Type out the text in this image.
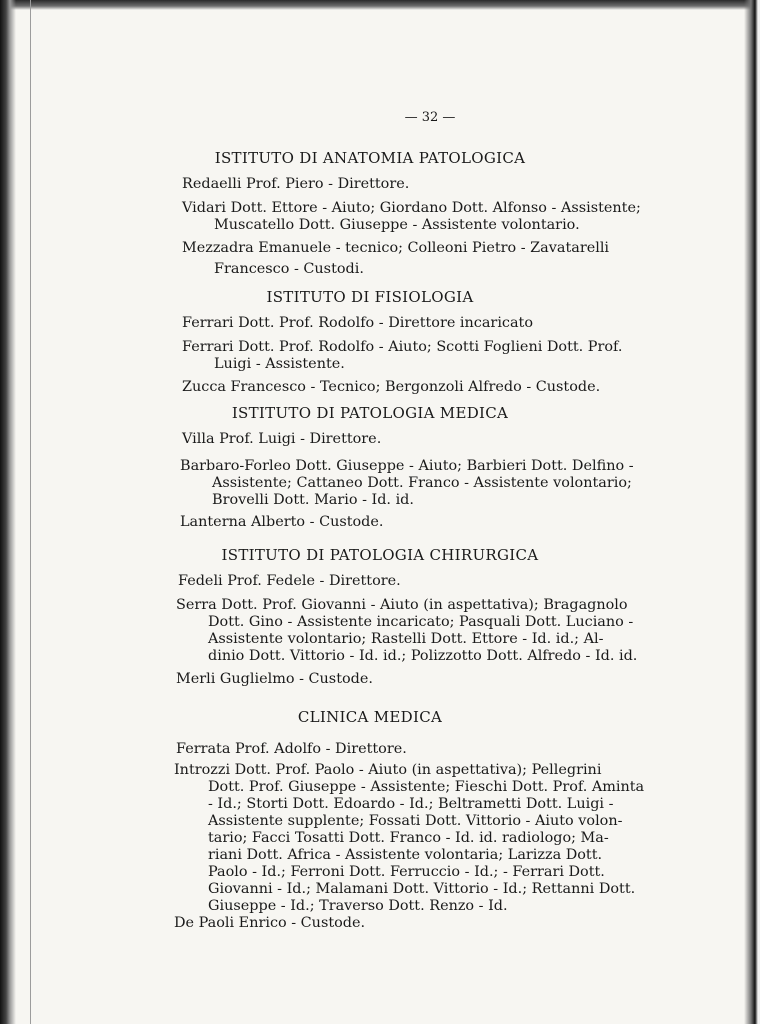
— 32 —
ISTITUTO DI ANATOMIA PATOLOGICA
Redaelli Prof. Piero - Direttore.
Vidari Dott. Ettore - Aiuto; Giordano Dott. Alfonso - Assistente;
Muscatello Dott. Giuseppe - Assistente volontario.
Mezzadra Emanuele - tecnico; Colleoni Pietro - Zavatarelli
Francesco - Custodi.
ISTITUTO DI FISIOLOGIA
Ferrari Dott. Prof. Rodolfo - Direttore incaricato
Ferrari Dott. Prof. Rodolfo - Aiuto; Scotti Foglieni Dott. Prof.
Luigi - Assistente.
Zucca Francesco - Tecnico; Bergonzoli Alfredo - Custode.
ISTITUTO DI PATOLOGIA MEDICA
Villa Prof. Luigi - Direttore.
Barbaro-Forleo Dott. Giuseppe - Aiuto; Barbieri Dott. Delfino -
Assistente; Cattaneo Dott. Franco - Assistente volontario;
Brovelli Dott. Mario - Id. id.
Lanterna Alberto - Custode.
ISTITUTO DI PATOLOGIA CHIRURGICA
Fedeli Prof. Fedele - Direttore.
Serra Dott. Prof. Giovanni - Aiuto (in aspettativa); Bragagnolo
Dott. Gino - Assistente incaricato; Pasquali Dott. Luciano -
Assistente volontario; Rastelli Dott. Ettore - Id. id.; Al-
dinio Dott. Vittorio - Id. id.; Polizzotto Dott. Alfredo - Id. id.
Merli Guglielmo - Custode.
CLINICA MEDICA
Ferrata Prof. Adolfo - Direttore.
Introzzi Dott. Prof. Paolo - Aiuto (in aspettativa); Pellegrini
Dott. Prof. Giuseppe - Assistente; Fieschi Dott. Prof. Aminta
- Id.; Storti Dott. Edoardo - Id.; Beltrametti Dott. Luigi -
Assistente supplente; Fossati Dott. Vittorio - Aiuto volon-
tario; Facci Tosatti Dott. Franco - Id. id. radiologo; Ma-
riani Dott. Africa - Assistente volontaria; Larizza Dott.
Paolo - Id.; Ferroni Dott. Ferruccio - Id.; - Ferrari Dott.
Giovanni - Id.; Malamani Dott. Vittorio - Id.; Rettanni Dott.
Giuseppe - Id.; Traverso Dott. Renzo - Id.
De Paoli Enrico - Custode.
